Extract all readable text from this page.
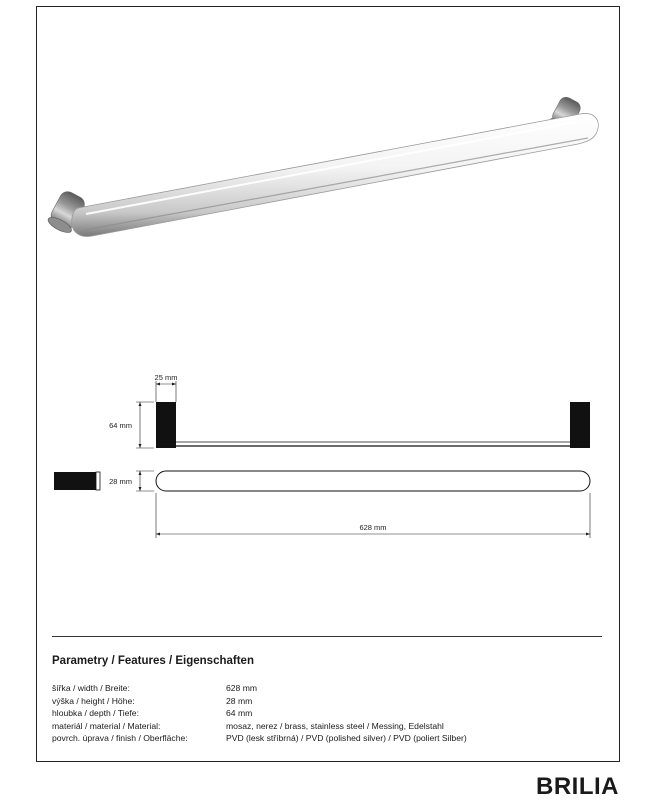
25 mm
64 mm
28 mm
628 mm
Parametry / Features / Eigenschaften
šířka / width / Breite:	628 mm
výška / height / Höhe:	28 mm
hloubka / depth / Tiefe:	64 mm
materiál / material / Material:	mosaz, nerez / brass, stainless steel / Messing, Edelstahl
povrch. úprava / finish / Oberfläche:	PVD (lesk stříbrná) / PVD (polished silver) / PVD (poliert Silber)
BRILIA
